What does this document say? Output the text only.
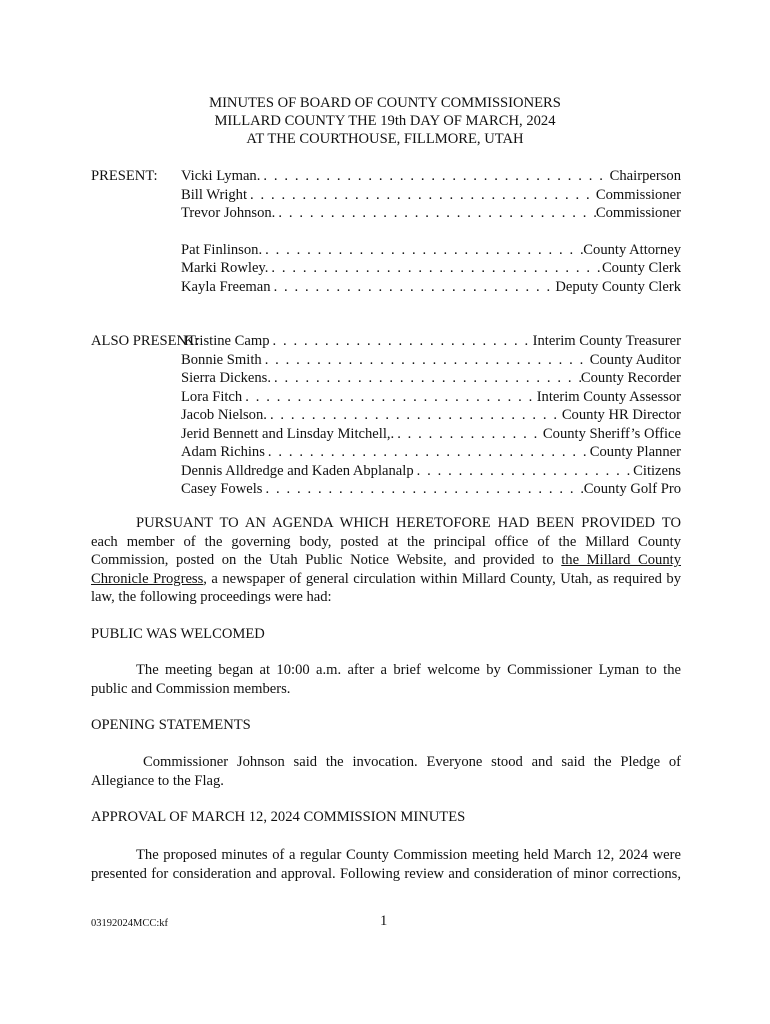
MINUTES OF BOARD OF COUNTY COMMISSIONERS
MILLARD COUNTY THE 19th DAY OF MARCH, 2024
AT THE COURTHOUSE, FILLMORE, UTAH
PRESENT:	Vicki Lyman. . . .	Chairperson
Bill Wright . . .	Commissioner
Trevor Johnson. . . .	Commissioner
Pat Finlinson. . . .	County Attorney
Marki Rowley. . . .	County Clerk
Kayla Freeman . . .	Deputy County Clerk
ALSO PRESENT:
Kristine Camp . . .	Interim County Treasurer
Bonnie Smith . . .	County Auditor
Sierra Dickens. . . .	County Recorder
Lora Fitch . . .	Interim County Assessor
Jacob Nielson. . . .	County HR Director
Jerid Bennett and Linsday Mitchell,. . . .	County Sheriff’s Office
Adam Richins . . .	County Planner
Dennis Alldredge and Kaden Abplanalp . . .	Citizens
Casey Fowels . . .	County Golf Pro

PURSUANT TO AN AGENDA WHICH HERETOFORE HAD BEEN PROVIDED TO each member of the governing body, posted at the principal office of the Millard County Commission, posted on the Utah Public Notice Website, and provided to the Millard County Chronicle Progress, a newspaper of general circulation within Millard County, Utah, as required by law, the following proceedings were had:

PUBLIC WAS WELCOMED

The meeting began at 10:00 a.m. after a brief welcome by Commissioner Lyman to the public and Commission members.

OPENING STATEMENTS

Commissioner Johnson said the invocation. Everyone stood and said the Pledge of Allegiance to the Flag.

APPROVAL OF MARCH 12, 2024 COMMISSION MINUTES

The proposed minutes of a regular County Commission meeting held March 12, 2024 were presented for consideration and approval. Following review and consideration of minor corrections,

03192024MCC:kf	1
